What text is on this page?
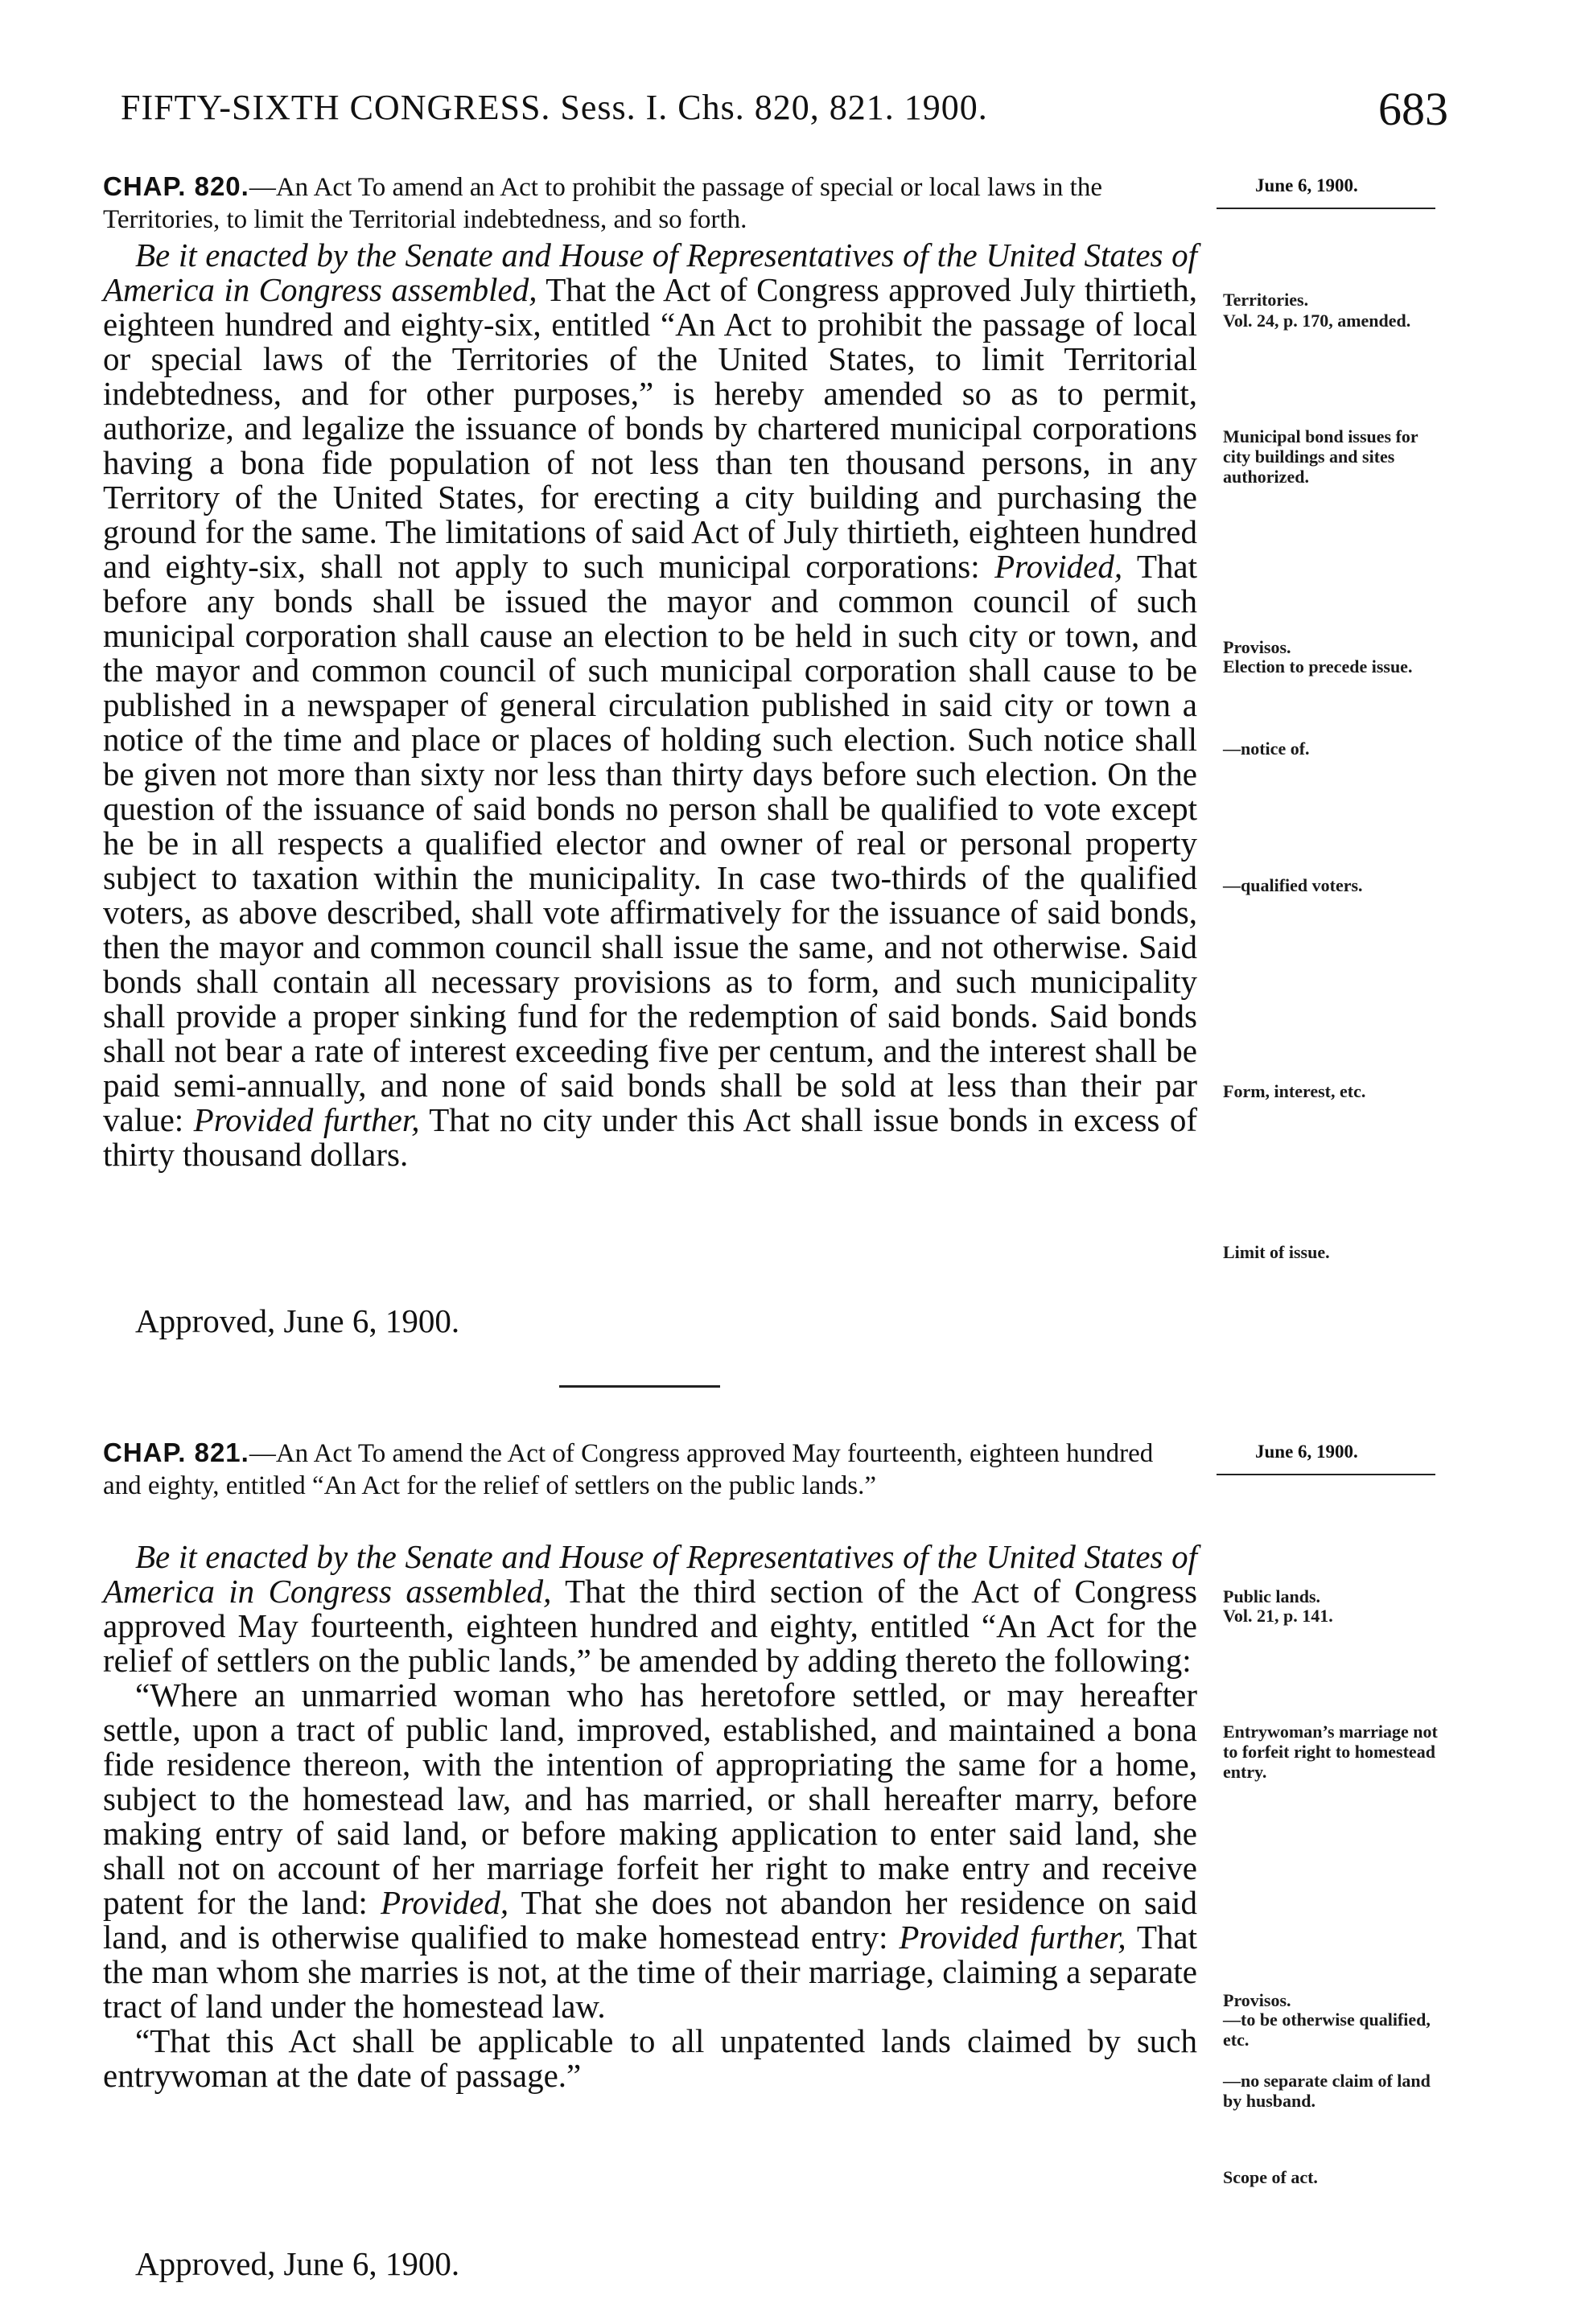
FIFTY-SIXTH CONGRESS. Sess. I. Chs. 820, 821. 1900.	683
CHAP. 820.—An Act To amend an Act to prohibit the passage of special or local laws in the Territories, to limit the Territorial indebtedness, and so forth.
June 6, 1900.

Be it enacted by the Senate and House of Representatives of the United States of America in Congress assembled, That the Act of Congress approved July thirtieth, eighteen hundred and eighty-six, entitled “An Act to prohibit the passage of local or special laws of the Territories of the United States, to limit Territorial indebtedness, and for other purposes,” is hereby amended so as to permit, authorize, and legalize the issuance of bonds by chartered municipal corporations having a bona fide population of not less than ten thousand persons, in any Territory of the United States, for erecting a city building and purchasing the ground for the same. The limitations of said Act of July thirtieth, eighteen hundred and eighty-six, shall not apply to such municipal corporations: Provided, That before any bonds shall be issued the mayor and common council of such municipal corporation shall cause an election to be held in such city or town, and the mayor and common council of such municipal corporation shall cause to be published in a newspaper of general circulation published in said city or town a notice of the time and place or places of holding such election. Such notice shall be given not more than sixty nor less than thirty days before such election. On the question of the issuance of said bonds no person shall be qualified to vote except he be in all respects a qualified elector and owner of real or personal property subject to taxation within the municipality. In case two-thirds of the qualified voters, as above described, shall vote affirmatively for the issuance of said bonds, then the mayor and common council shall issue the same, and not otherwise. Said bonds shall contain all necessary provisions as to form, and such municipality shall provide a proper sinking fund for the redemption of said bonds. Said bonds shall not bear a rate of interest exceeding five per centum, and the interest shall be paid semi-annually, and none of said bonds shall be sold at less than their par value: Provided further, That no city under this Act shall issue bonds in excess of thirty thousand dollars.

Approved, June 6, 1900.
Territories.
Vol. 24, p. 170, amended.
Municipal bond issues for city buildings and sites authorized.
Provisos.
Election to precede issue.
—notice of.
—qualified voters.
Form, interest, etc.
Limit of issue.
CHAP. 821.—An Act To amend the Act of Congress approved May fourteenth, eighteen hundred and eighty, entitled “An Act for the relief of settlers on the public lands.”
June 6, 1900.

Be it enacted by the Senate and House of Representatives of the United States of America in Congress assembled, That the third section of the Act of Congress approved May fourteenth, eighteen hundred and eighty, entitled “An Act for the relief of settlers on the public lands,” be amended by adding thereto the following:

“Where an unmarried woman who has heretofore settled, or may hereafter settle, upon a tract of public land, improved, established, and maintained a bona fide residence thereon, with the intention of appropriating the same for a home, subject to the homestead law, and has married, or shall hereafter marry, before making entry of said land, or before making application to enter said land, she shall not on account of her marriage forfeit her right to make entry and receive patent for the land: Provided, That she does not abandon her residence on said land, and is otherwise qualified to make homestead entry: Provided further, That the man whom she marries is not, at the time of their marriage, claiming a separate tract of land under the homestead law.

“That this Act shall be applicable to all unpatented lands claimed by such entrywoman at the date of passage.”

Approved, June 6, 1900.
Public lands.
Vol. 21, p. 141.
Entrywoman’s marriage not to forfeit right to homestead entry.
Provisos.
—to be otherwise qualified, etc.
—no separate claim of land by husband.
Scope of act.
